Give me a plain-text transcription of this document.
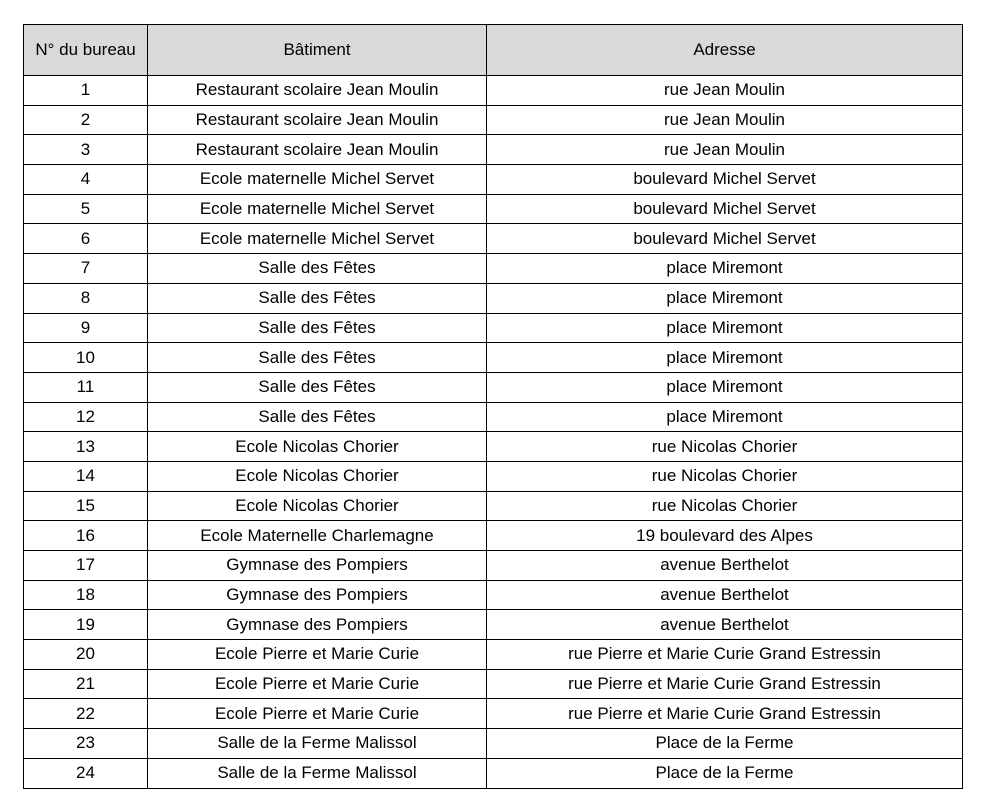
N° du bureau	Bâtiment	Adresse
1	Restaurant scolaire Jean Moulin	rue Jean Moulin
2	Restaurant scolaire Jean Moulin	rue Jean Moulin
3	Restaurant scolaire Jean Moulin	rue Jean Moulin
4	Ecole maternelle Michel Servet	boulevard Michel Servet
5	Ecole maternelle Michel Servet	boulevard Michel Servet
6	Ecole maternelle Michel Servet	boulevard Michel Servet
7	Salle des Fêtes	place Miremont
8	Salle des Fêtes	place Miremont
9	Salle des Fêtes	place Miremont
10	Salle des Fêtes	place Miremont
11	Salle des Fêtes	place Miremont
12	Salle des Fêtes	place Miremont
13	Ecole Nicolas Chorier	rue Nicolas Chorier
14	Ecole Nicolas Chorier	rue Nicolas Chorier
15	Ecole Nicolas Chorier	rue Nicolas Chorier
16	Ecole Maternelle Charlemagne	19 boulevard des Alpes
17	Gymnase des Pompiers	avenue Berthelot
18	Gymnase des Pompiers	avenue Berthelot
19	Gymnase des Pompiers	avenue Berthelot
20	Ecole Pierre et Marie Curie	rue Pierre et Marie Curie Grand Estressin
21	Ecole Pierre et Marie Curie	rue Pierre et Marie Curie Grand Estressin
22	Ecole Pierre et Marie Curie	rue Pierre et Marie Curie Grand Estressin
23	Salle de la Ferme Malissol	Place de la Ferme
24	Salle de la Ferme Malissol	Place de la Ferme
